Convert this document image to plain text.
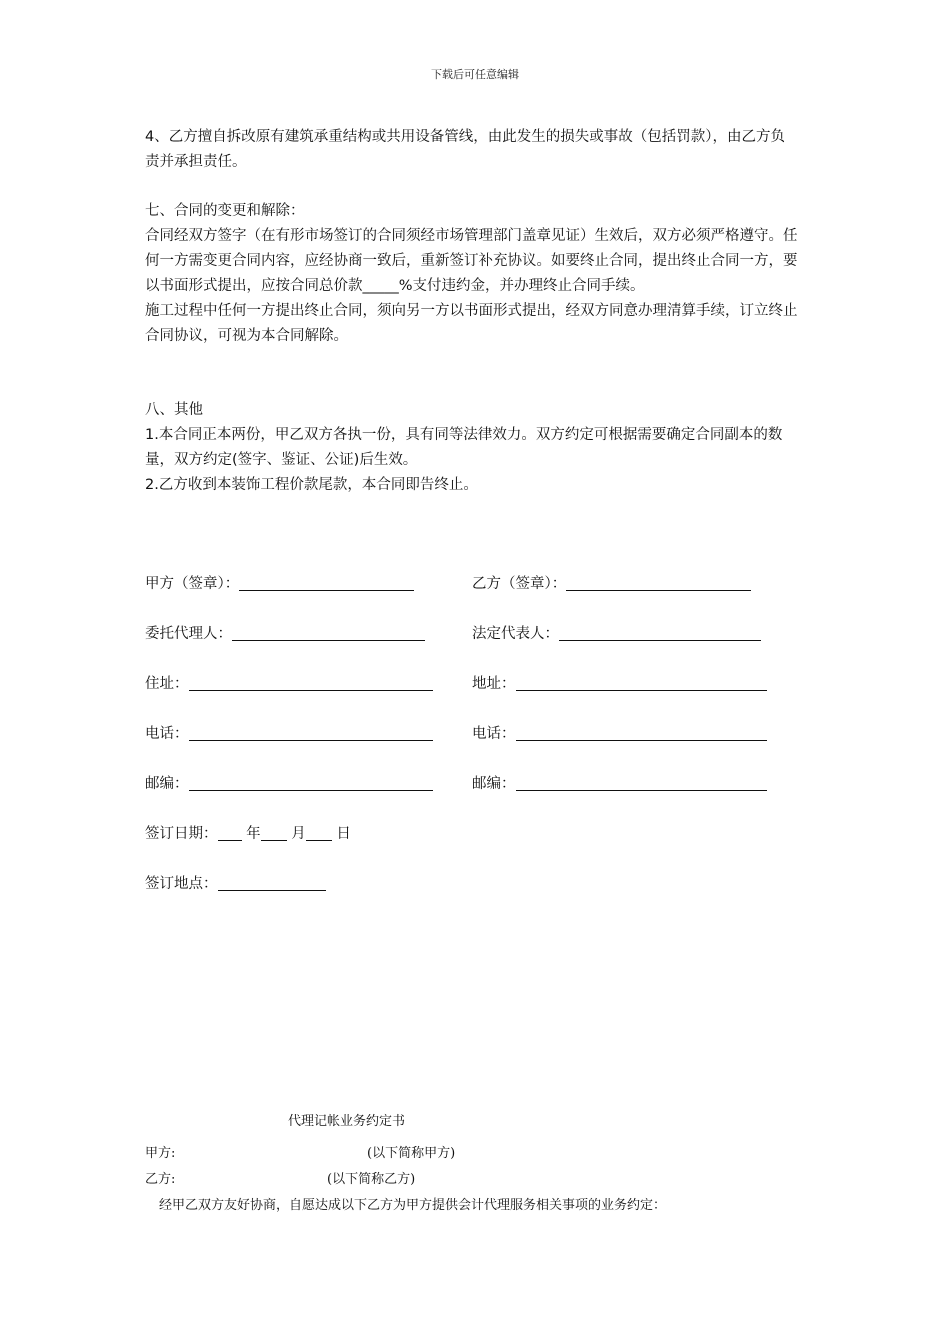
下载后可任意编辑

4、乙方擅自拆改原有建筑承重结构或共用设备管线，由此发生的损失或事故（包括罚款），由乙方负责并承担责任。

七、合同的变更和解除：

合同经双方签字（在有形市场签订的合同须经市场管理部门盖章见证）生效后，双方必须严格遵守。任何一方需变更合同内容，应经协商一致后，重新签订补充协议。如要终止合同，提出终止合同一方，要以书面形式提出，应按合同总价款_____%支付违约金，并办理终止合同手续。

施工过程中任何一方提出终止合同，须向另一方以书面形式提出，经双方同意办理清算手续，订立终止合同协议，可视为本合同解除。

八、其他

1.本合同正本两份，甲乙双方各执一份，具有同等法律效力。双方约定可根据需要确定合同副本的数量，双方约定(签字、鉴证、公证)后生效。

2.乙方收到本装饰工程价款尾款，本合同即告终止。

甲方（签章）：	乙方（签章）：
委托代理人：	法定代表人：
住址：	地址：
电话：	电话：
邮编：	邮编：
签订日期： 年 月 日
签订地点：
代理记帐业务约定书
甲方:	(以下简称甲方)
乙方:	(以下简称乙方)
经甲乙双方友好协商，自愿达成以下乙方为甲方提供会计代理服务相关事项的业务约定：
